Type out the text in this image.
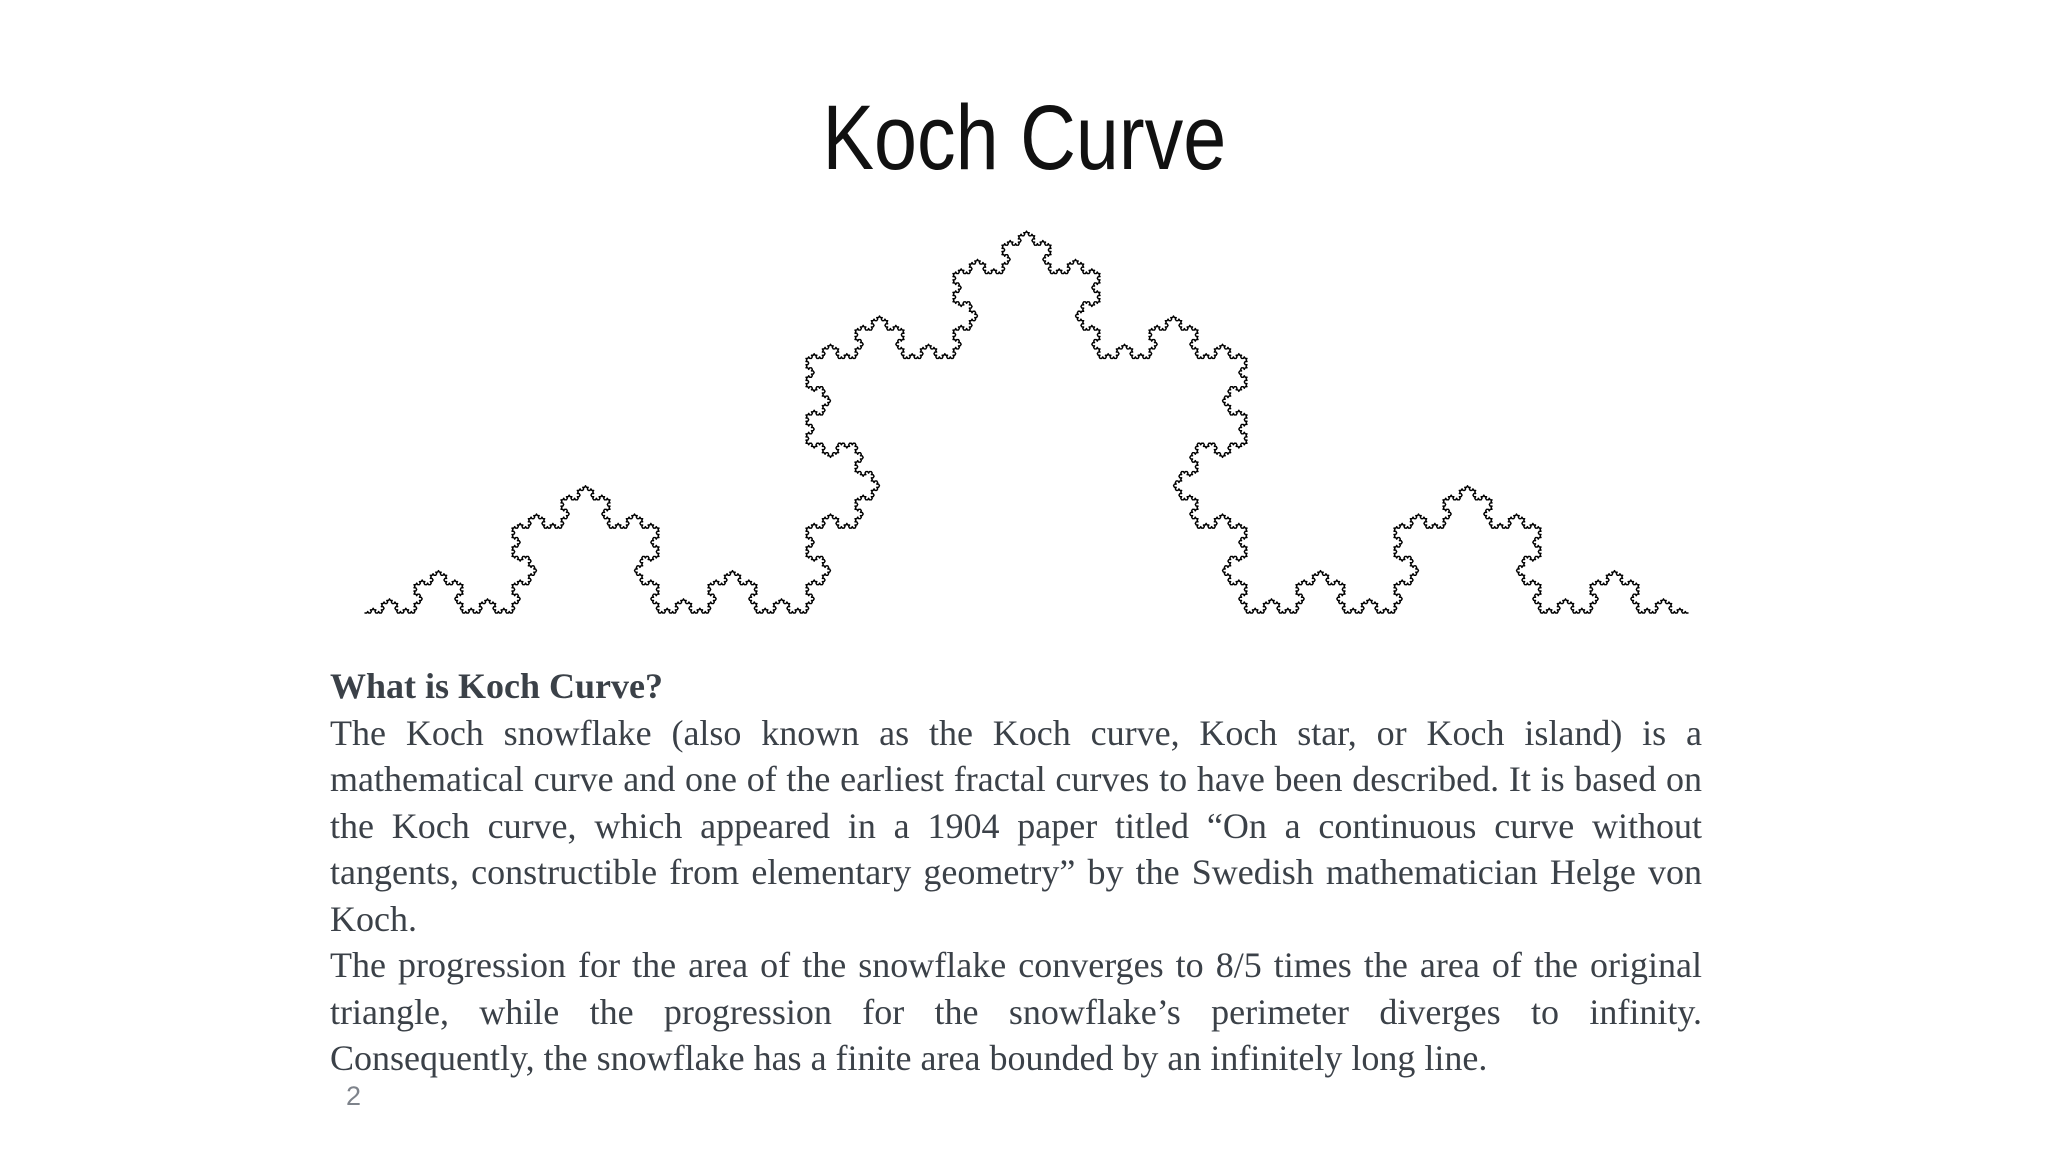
Koch Curve

What is Koch Curve?

The Koch snowflake (also known as the Koch curve, Koch star, or Koch island) is a mathematical curve and one of the earliest fractal curves to have been described. It is based on the Koch curve, which appeared in a 1904 paper titled “On a continuous curve without tangents, constructible from elementary geometry” by the Swedish mathematician Helge von Koch.

The progression for the area of the snowflake converges to 8/5 times the area of the original triangle, while the progression for the snowflake’s perimeter diverges to infinity. Consequently, the snowflake has a finite area bounded by an infinitely long line.

2
